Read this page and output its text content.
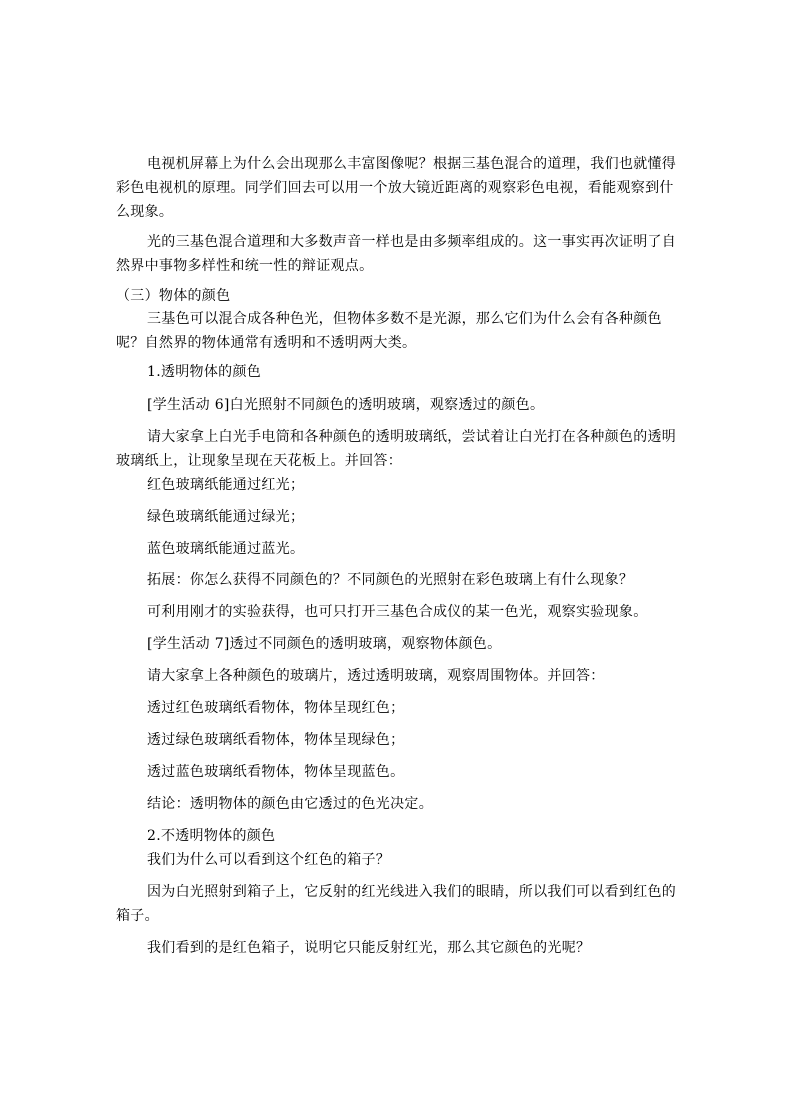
电视机屏幕上为什么会出现那么丰富图像呢？根据三基色混合的道理，我们也就懂得

彩色电视机的原理。同学们回去可以用一个放大镜近距离的观察彩色电视，看能观察到什

么现象。

光的三基色混合道理和大多数声音一样也是由多频率组成的。这一事实再次证明了自

然界中事物多样性和统一性的辩证观点。

（三）物体的颜色

三基色可以混合成各种色光，但物体多数不是光源，那么它们为什么会有各种颜色

呢？自然界的物体通常有透明和不透明两大类。

1.透明物体的颜色

[学生活动 6]白光照射不同颜色的透明玻璃，观察透过的颜色。

请大家拿上白光手电筒和各种颜色的透明玻璃纸，尝试着让白光打在各种颜色的透明

玻璃纸上，让现象呈现在天花板上。并回答：

红色玻璃纸能通过红光；

绿色玻璃纸能通过绿光；

蓝色玻璃纸能通过蓝光。

拓展：你怎么获得不同颜色的？不同颜色的光照射在彩色玻璃上有什么现象？

可利用刚才的实验获得，也可只打开三基色合成仪的某一色光，观察实验现象。

[学生活动 7]透过不同颜色的透明玻璃，观察物体颜色。

请大家拿上各种颜色的玻璃片，透过透明玻璃，观察周围物体。并回答：

透过红色玻璃纸看物体，物体呈现红色；

透过绿色玻璃纸看物体，物体呈现绿色；

透过蓝色玻璃纸看物体，物体呈现蓝色。

结论：透明物体的颜色由它透过的色光决定。

2.不透明物体的颜色

我们为什么可以看到这个红色的箱子？

因为白光照射到箱子上，它反射的红光线进入我们的眼睛，所以我们可以看到红色的

箱子。

我们看到的是红色箱子，说明它只能反射红光，那么其它颜色的光呢？
